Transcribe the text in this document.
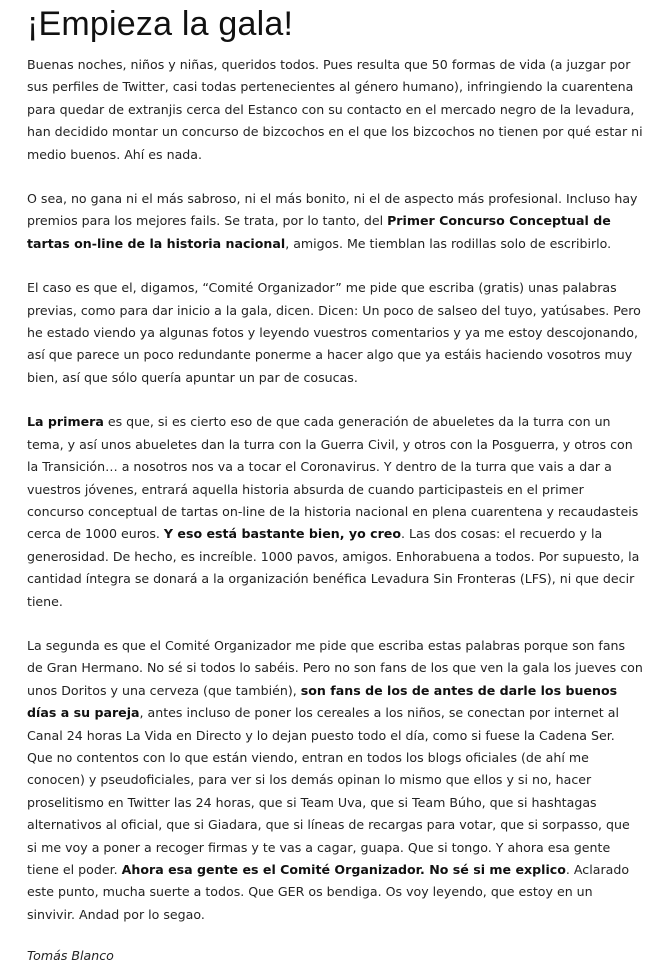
¡Empieza la gala!

Buenas noches, niños y niñas, queridos todos. Pues resulta que 50 formas de vida (a juzgar por sus perfiles de Twitter, casi todas pertenecientes al género humano), infringiendo la cuarentena para quedar de extranjis cerca del Estanco con su contacto en el mercado negro de la levadura, han decidido montar un concurso de bizcochos en el que los bizcochos no tienen por qué estar ni medio buenos. Ahí es nada.

O sea, no gana ni el más sabroso, ni el más bonito, ni el de aspecto más profesional. Incluso hay premios para los mejores fails. Se trata, por lo tanto, del Primer Concurso Conceptual de tartas on-line de la historia nacional, amigos. Me tiemblan las rodillas solo de escribirlo.

El caso es que el, digamos, “Comité Organizador” me pide que escriba (gratis) unas palabras previas, como para dar inicio a la gala, dicen. Dicen: Un poco de salseo del tuyo, yatúsabes. Pero he estado viendo ya algunas fotos y leyendo vuestros comentarios y ya me estoy descojonando, así que parece un poco redundante ponerme a hacer algo que ya estáis haciendo vosotros muy bien, así que sólo quería apuntar un par de cosucas.

La primera es que, si es cierto eso de que cada generación de abueletes da la turra con un tema, y así unos abueletes dan la turra con la Guerra Civil, y otros con la Posguerra, y otros con la Transición… a nosotros nos va a tocar el Coronavirus. Y dentro de la turra que vais a dar a vuestros jóvenes, entrará aquella historia absurda de cuando participasteis en el primer concurso conceptual de tartas on-line de la historia nacional en plena cuarentena y recaudasteis cerca de 1000 euros. Y eso está bastante bien, yo creo. Las dos cosas: el recuerdo y la generosidad. De hecho, es increíble. 1000 pavos, amigos. Enhorabuena a todos. Por supuesto, la cantidad íntegra se donará a la organización benéfica Levadura Sin Fronteras (LFS), ni que decir tiene.

La segunda es que el Comité Organizador me pide que escriba estas palabras porque son fans de Gran Hermano. No sé si todos lo sabéis. Pero no son fans de los que ven la gala los jueves con unos Doritos y una cerveza (que también), son fans de los de antes de darle los buenos días a su pareja, antes incluso de poner los cereales a los niños, se conectan por internet al Canal 24 horas La Vida en Directo y lo dejan puesto todo el día, como si fuese la Cadena Ser. Que no contentos con lo que están viendo, entran en todos los blogs oficiales (de ahí me conocen) y pseudoficiales, para ver si los demás opinan lo mismo que ellos y si no, hacer proselitismo en Twitter las 24 horas, que si Team Uva, que si Team Búho, que si hashtagas alternativos al oficial, que si Giadara, que si líneas de recargas para votar, que si sorpasso, que si me voy a poner a recoger firmas y te vas a cagar, guapa. Que si tongo. Y ahora esa gente tiene el poder. Ahora esa gente es el Comité Organizador. No sé si me explico. Aclarado este punto, mucha suerte a todos. Que GER os bendiga. Os voy leyendo, que estoy en un sinvivir. Andad por lo segao.

Tomás Blanco
